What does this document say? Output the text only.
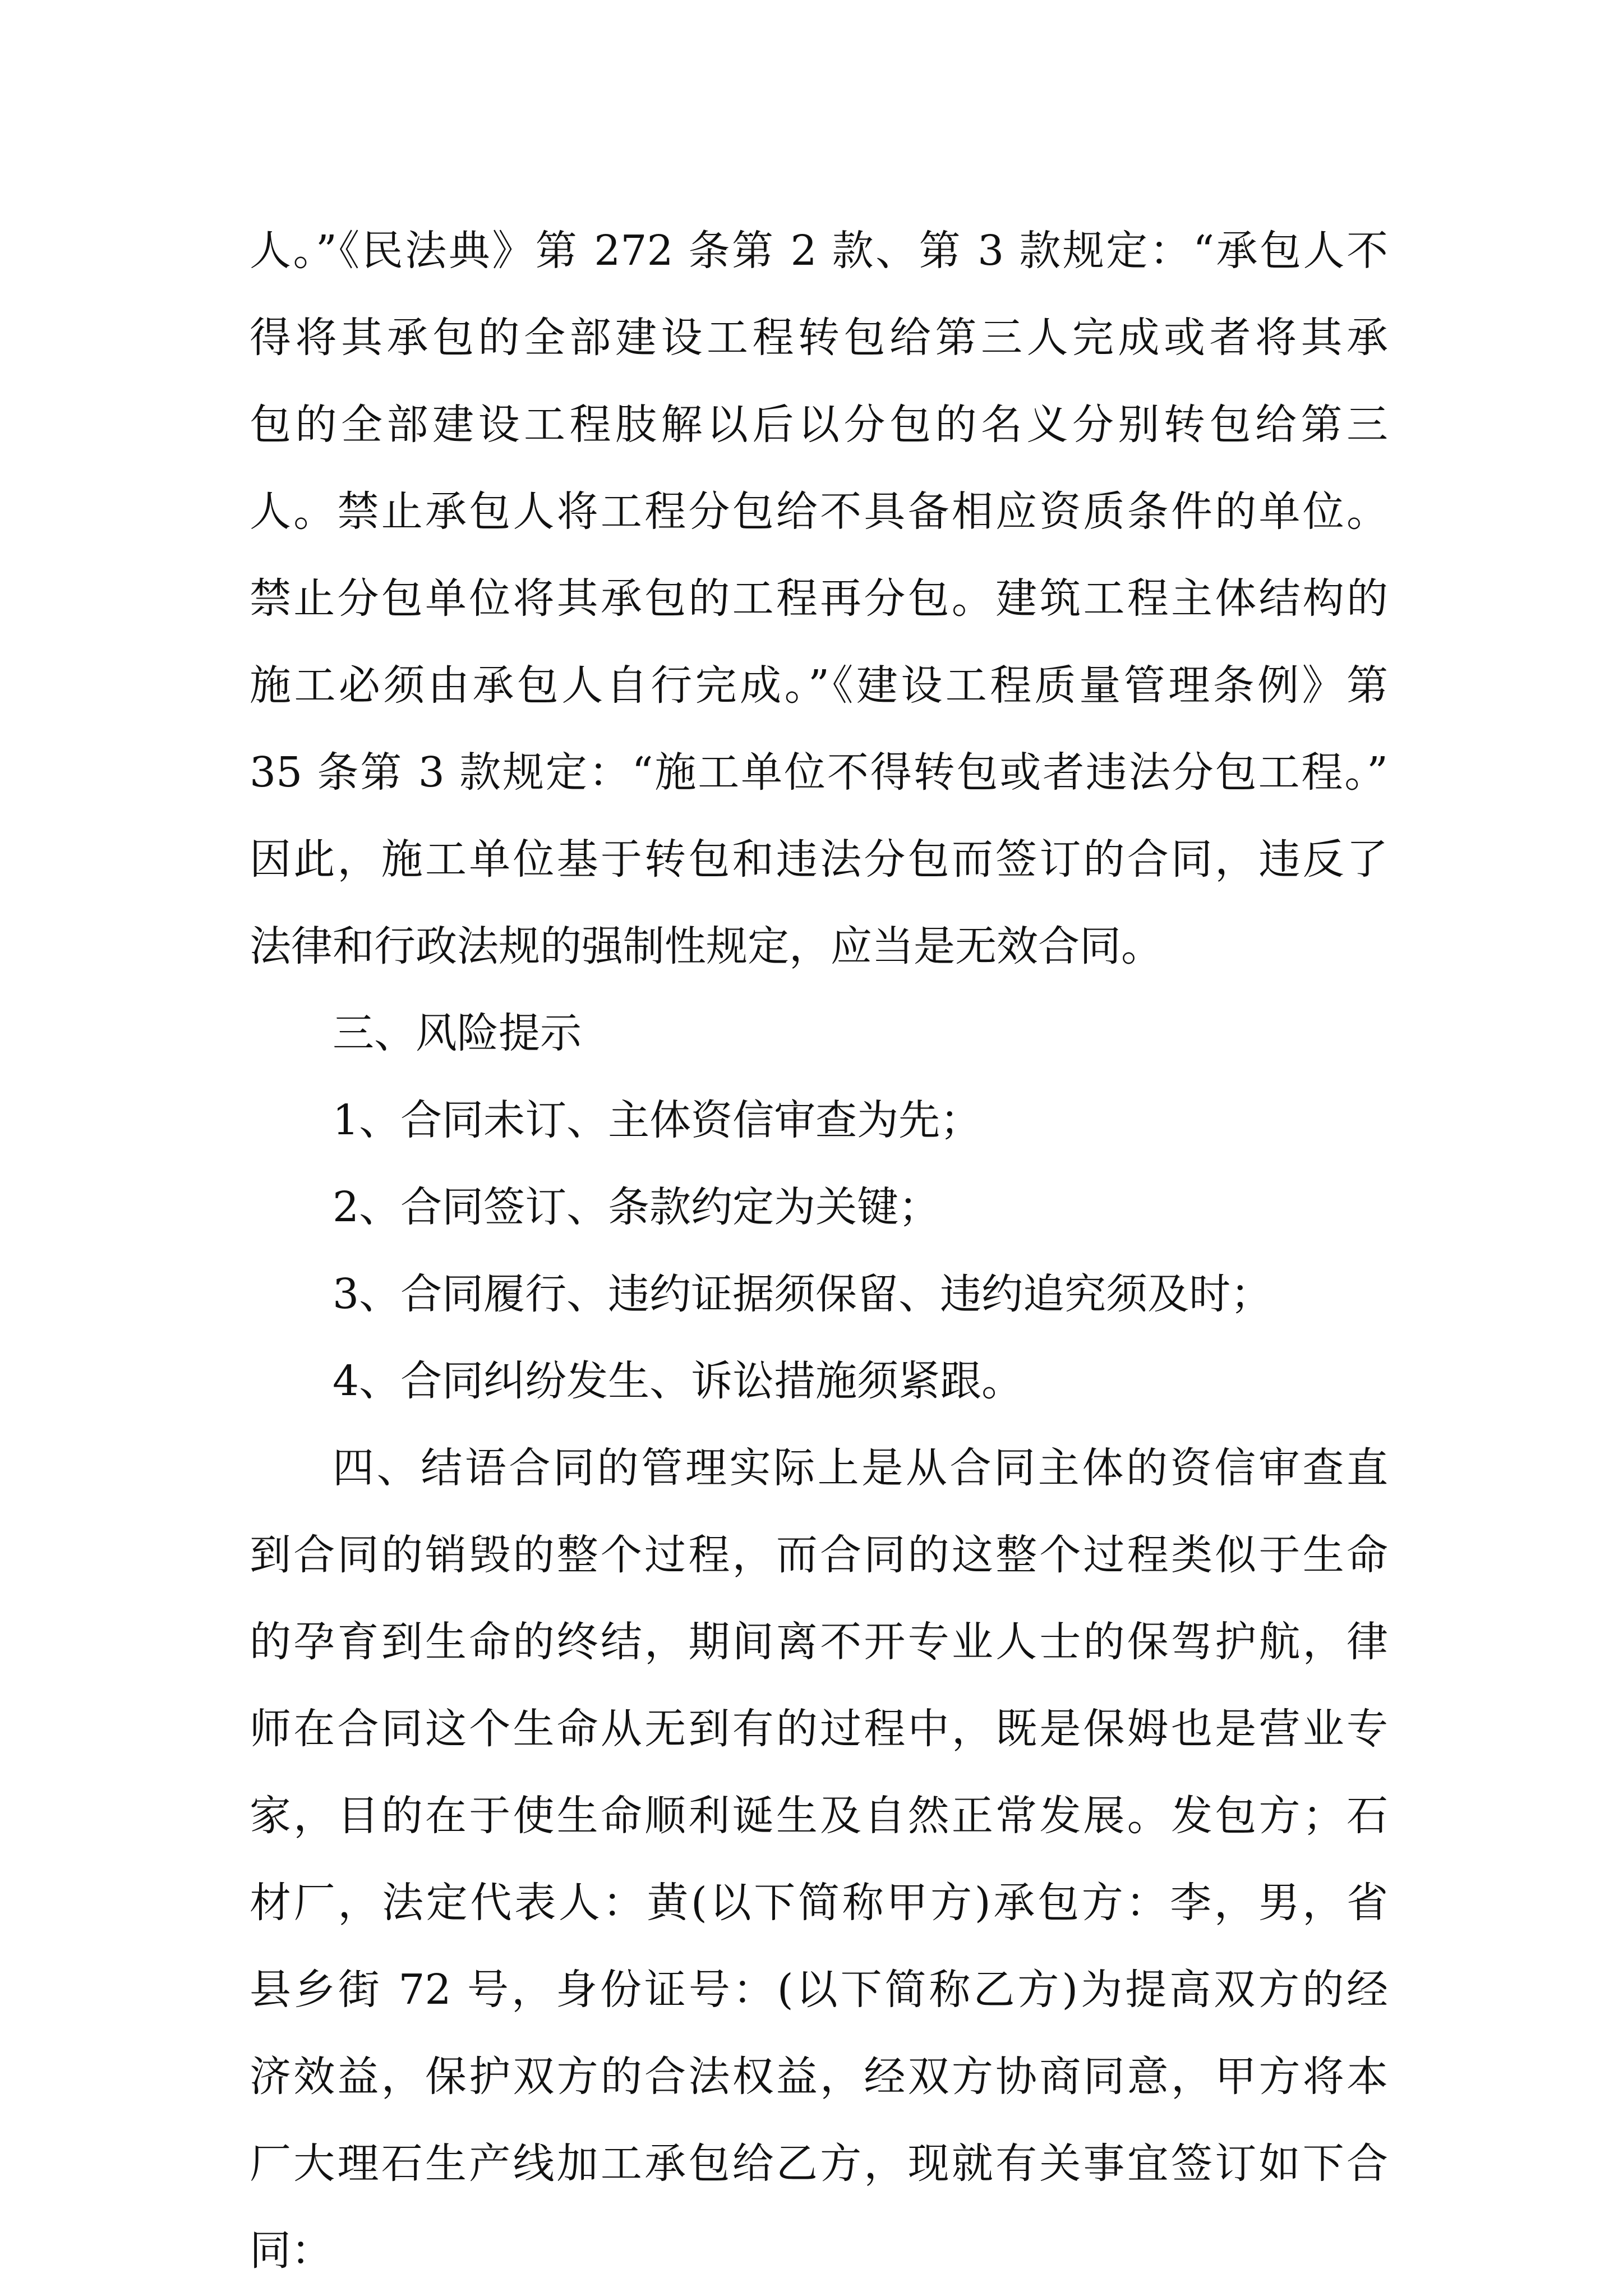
人。”《民法典》第 272 条第 2 款、第 3 款规定：“承包人不
得将其承包的全部建设工程转包给第三人完成或者将其承
包的全部建设工程肢解以后以分包的名义分别转包给第三
人。禁止承包人将工程分包给不具备相应资质条件的单位。
禁止分包单位将其承包的工程再分包。建筑工程主体结构的
施工必须由承包人自行完成。”《建设工程质量管理条例》第
35 条第 3 款规定：“施工单位不得转包或者违法分包工程。”
因此，施工单位基于转包和违法分包而签订的合同，违反了
法律和行政法规的强制性规定，应当是无效合同。
三、风险提示
1、合同未订、主体资信审查为先；
2、合同签订、条款约定为关键；
3、合同履行、违约证据须保留、违约追究须及时；
4、合同纠纷发生、诉讼措施须紧跟。
四、结语合同的管理实际上是从合同主体的资信审查直
到合同的销毁的整个过程，而合同的这整个过程类似于生命
的孕育到生命的终结，期间离不开专业人士的保驾护航，律
师在合同这个生命从无到有的过程中，既是保姆也是营业专
家，目的在于使生命顺利诞生及自然正常发展。发包方；石
材厂，法定代表人：黄(以下简称甲方)承包方：李，男，省
县乡街 72 号，身份证号：(以下简称乙方)为提高双方的经
济效益，保护双方的合法权益，经双方协商同意，甲方将本
厂大理石生产线加工承包给乙方，现就有关事宜签订如下合
同：
